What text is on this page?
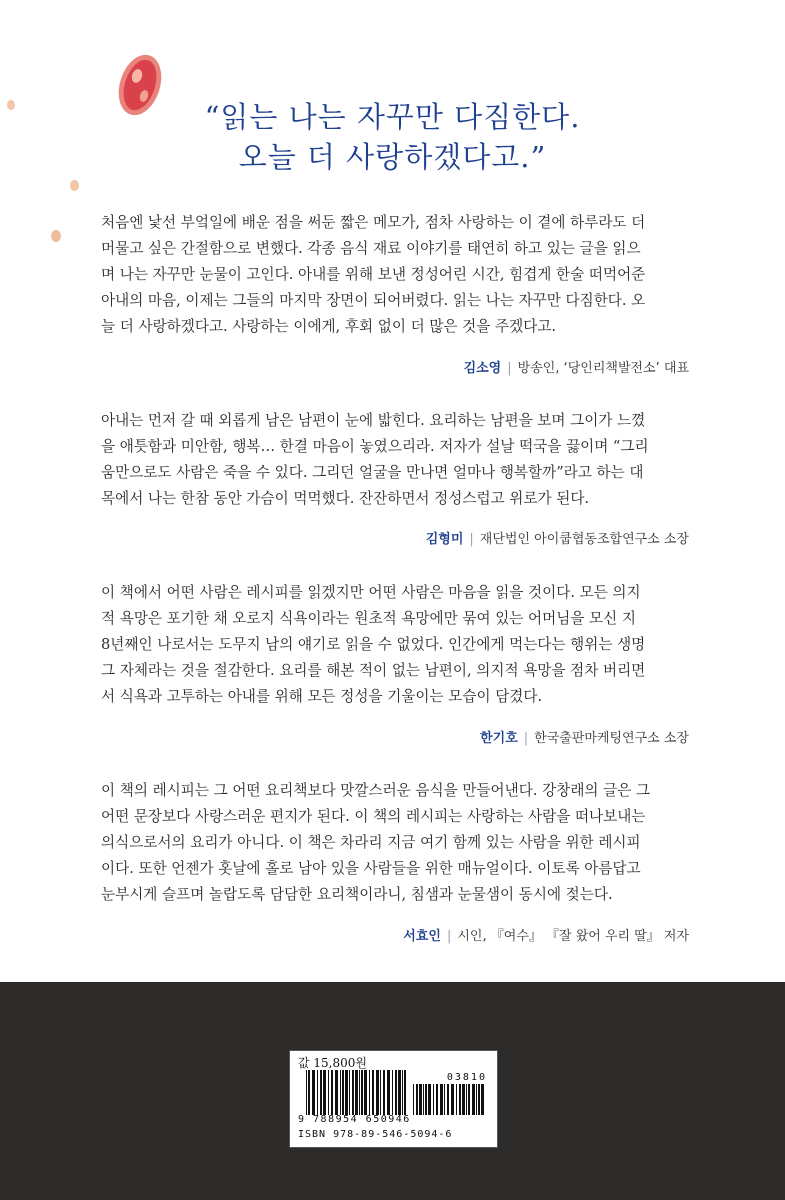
“읽는 나는 자꾸만 다짐한다.
오늘 더 사랑하겠다고.”
처음엔 낯선 부엌일에 배운 점을 써둔 짧은 메모가, 점차 사랑하는 이 곁에 하루라도 더
머물고 싶은 간절함으로 변했다. 각종 음식 재료 이야기를 태연히 하고 있는 글을 읽으
며 나는 자꾸만 눈물이 고인다. 아내를 위해 보낸 정성어린 시간, 힘겹게 한술 떠먹어준
아내의 마음, 이제는 그들의 마지막 장면이 되어버렸다. 읽는 나는 자꾸만 다짐한다. 오
늘 더 사랑하겠다고. 사랑하는 이에게, 후회 없이 더 많은 것을 주겠다고.
김소영 | 방송인, ‘당인리책발전소’ 대표
아내는 먼저 갈 때 외롭게 남은 남편이 눈에 밟힌다. 요리하는 남편을 보며 그이가 느꼈
을 애틋함과 미안함, 행복… 한결 마음이 놓였으리라. 저자가 설날 떡국을 끓이며 “그리
움만으로도 사람은 죽을 수 있다. 그리던 얼굴을 만나면 얼마나 행복할까”라고 하는 대
목에서 나는 한참 동안 가슴이 먹먹했다. 잔잔하면서 정성스럽고 위로가 된다.
김형미 | 재단법인 아이쿱협동조합연구소 소장
이 책에서 어떤 사람은 레시피를 읽겠지만 어떤 사람은 마음을 읽을 것이다. 모든 의지
적 욕망은 포기한 채 오로지 식욕이라는 원초적 욕망에만 묶여 있는 어머님을 모신 지
8년째인 나로서는 도무지 남의 얘기로 읽을 수 없었다. 인간에게 먹는다는 행위는 생명
그 자체라는 것을 절감한다. 요리를 해본 적이 없는 남편이, 의지적 욕망을 점차 버리면
서 식욕과 고투하는 아내를 위해 모든 정성을 기울이는 모습이 담겼다.
한기호 | 한국출판마케팅연구소 소장
이 책의 레시피는 그 어떤 요리책보다 맛깔스러운 음식을 만들어낸다. 강창래의 글은 그
어떤 문장보다 사랑스러운 편지가 된다. 이 책의 레시피는 사랑하는 사람을 떠나보내는
의식으로서의 요리가 아니다. 이 책은 차라리 지금 여기 함께 있는 사람을 위한 레시피
이다. 또한 언젠가 홋날에 홀로 남아 있을 사람들을 위한 매뉴얼이다. 이토록 아름답고
눈부시게 슬프며 놀랍도록 담담한 요리책이라니, 침샘과 눈물샘이 동시에 젖는다.
서효인 | 시인, 『여수』 『잘 왔어 우리 딸』 저자
값 15,800원
03810
9 788954 650946
ISBN 978-89-546-5094-6
